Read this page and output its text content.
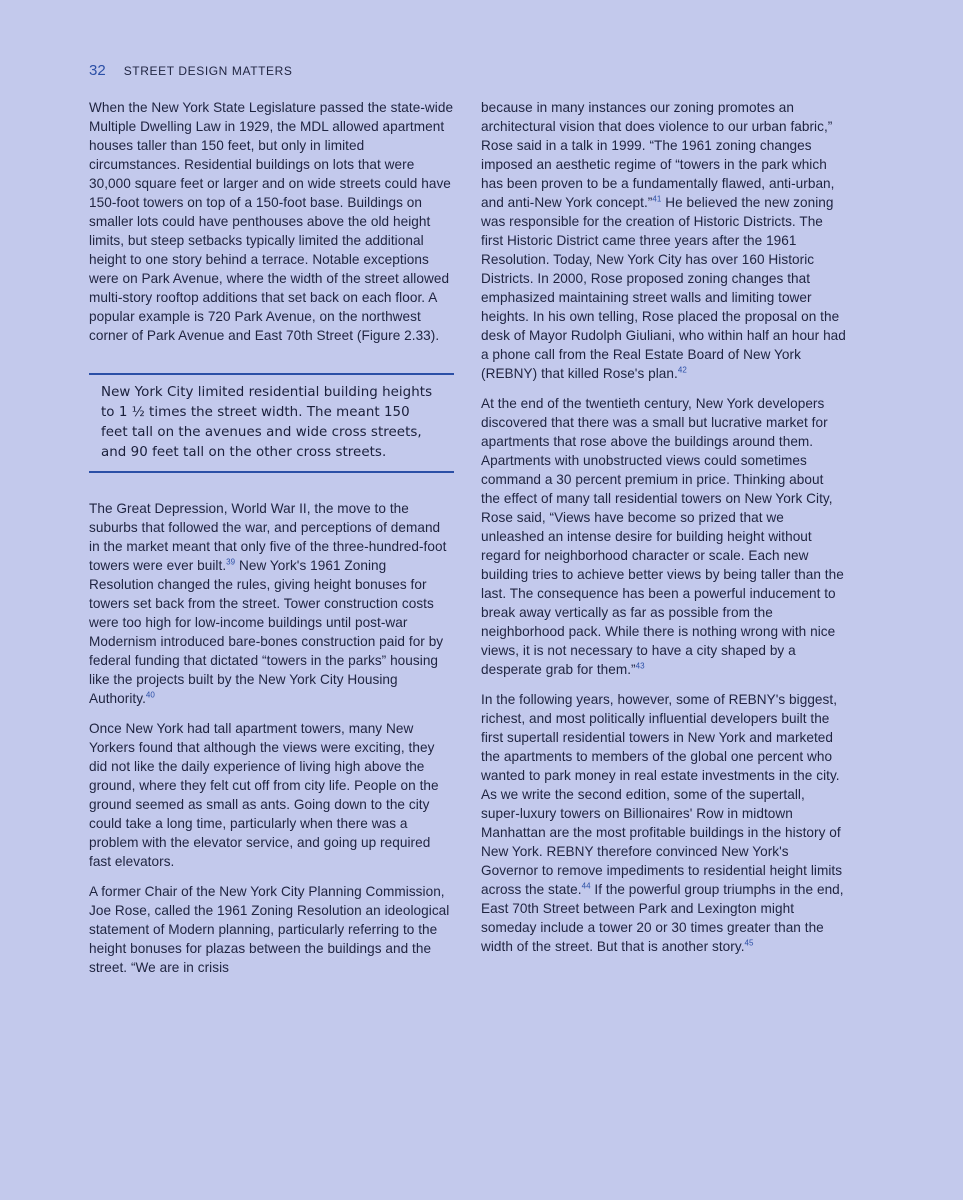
32 STREET DESIGN MATTERS

When the New York State Legislature passed the state-wide Multiple Dwelling Law in 1929, the MDL allowed apartment houses taller than 150 feet, but only in limited circumstances. Residential buildings on lots that were 30,000 square feet or larger and on wide streets could have 150-foot towers on top of a 150-foot base. Buildings on smaller lots could have penthouses above the old height limits, but steep setbacks typically limited the additional height to one story behind a terrace. Notable exceptions were on Park Avenue, where the width of the street allowed multi-story rooftop additions that set back on each floor. A popular example is 720 Park Avenue, on the northwest corner of Park Avenue and East 70th Street (Figure 2.33).

New York City limited residential building heights to 1 ½ times the street width. The meant 150 feet tall on the avenues and wide cross streets, and 90 feet tall on the other cross streets.

The Great Depression, World War II, the move to the suburbs that followed the war, and perceptions of demand in the market meant that only five of the three-hundred-foot towers were ever built.$^{39}$ New York's 1961 Zoning Resolution changed the rules, giving height bonuses for towers set back from the street. Tower construction costs were too high for low-income buildings until post-war Modernism introduced bare-bones construction paid for by federal funding that dictated “towers in the parks” housing like the projects built by the New York City Housing Authority.$^{40}$

Once New York had tall apartment towers, many New Yorkers found that although the views were exciting, they did not like the daily experience of living high above the ground, where they felt cut off from city life. People on the ground seemed as small as ants. Going down to the city could take a long time, particularly when there was a problem with the elevator service, and going up required fast elevators.

A former Chair of the New York City Planning Commission, Joe Rose, called the 1961 Zoning Resolution an ideological statement of Modern planning, particularly referring to the height bonuses for plazas between the buildings and the street. “We are in crisis

because in many instances our zoning promotes an architectural vision that does violence to our urban fabric,” Rose said in a talk in 1999. “The 1961 zoning changes imposed an aesthetic regime of “towers in the park which has been proven to be a fundamentally flawed, anti-urban, and anti-New York concept.”$^{41}$ He believed the new zoning was responsible for the creation of Historic Districts. The first Historic District came three years after the 1961 Resolution. Today, New York City has over 160 Historic Districts. In 2000, Rose proposed zoning changes that emphasized maintaining street walls and limiting tower heights. In his own telling, Rose placed the proposal on the desk of Mayor Rudolph Giuliani, who within half an hour had a phone call from the Real Estate Board of New York (REBNY) that killed Rose's plan.$^{42}$

At the end of the twentieth century, New York developers discovered that there was a small but lucrative market for apartments that rose above the buildings around them. Apartments with unobstructed views could sometimes command a 30 percent premium in price. Thinking about the effect of many tall residential towers on New York City, Rose said, “Views have become so prized that we unleashed an intense desire for building height without regard for neighborhood character or scale. Each new building tries to achieve better views by being taller than the last. The consequence has been a powerful inducement to break away vertically as far as possible from the neighborhood pack. While there is nothing wrong with nice views, it is not necessary to have a city shaped by a desperate grab for them.”$^{43}$

In the following years, however, some of REBNY's biggest, richest, and most politically influential developers built the first supertall residential towers in New York and marketed the apartments to members of the global one percent who wanted to park money in real estate investments in the city. As we write the second edition, some of the supertall, super-luxury towers on Billionaires' Row in midtown Manhattan are the most profitable buildings in the history of New York. REBNY therefore convinced New York's Governor to remove impediments to residential height limits across the state.$^{44}$ If the powerful group triumphs in the end, East 70th Street between Park and Lexington might someday include a tower 20 or 30 times greater than the width of the street. But that is another story.$^{45}$
